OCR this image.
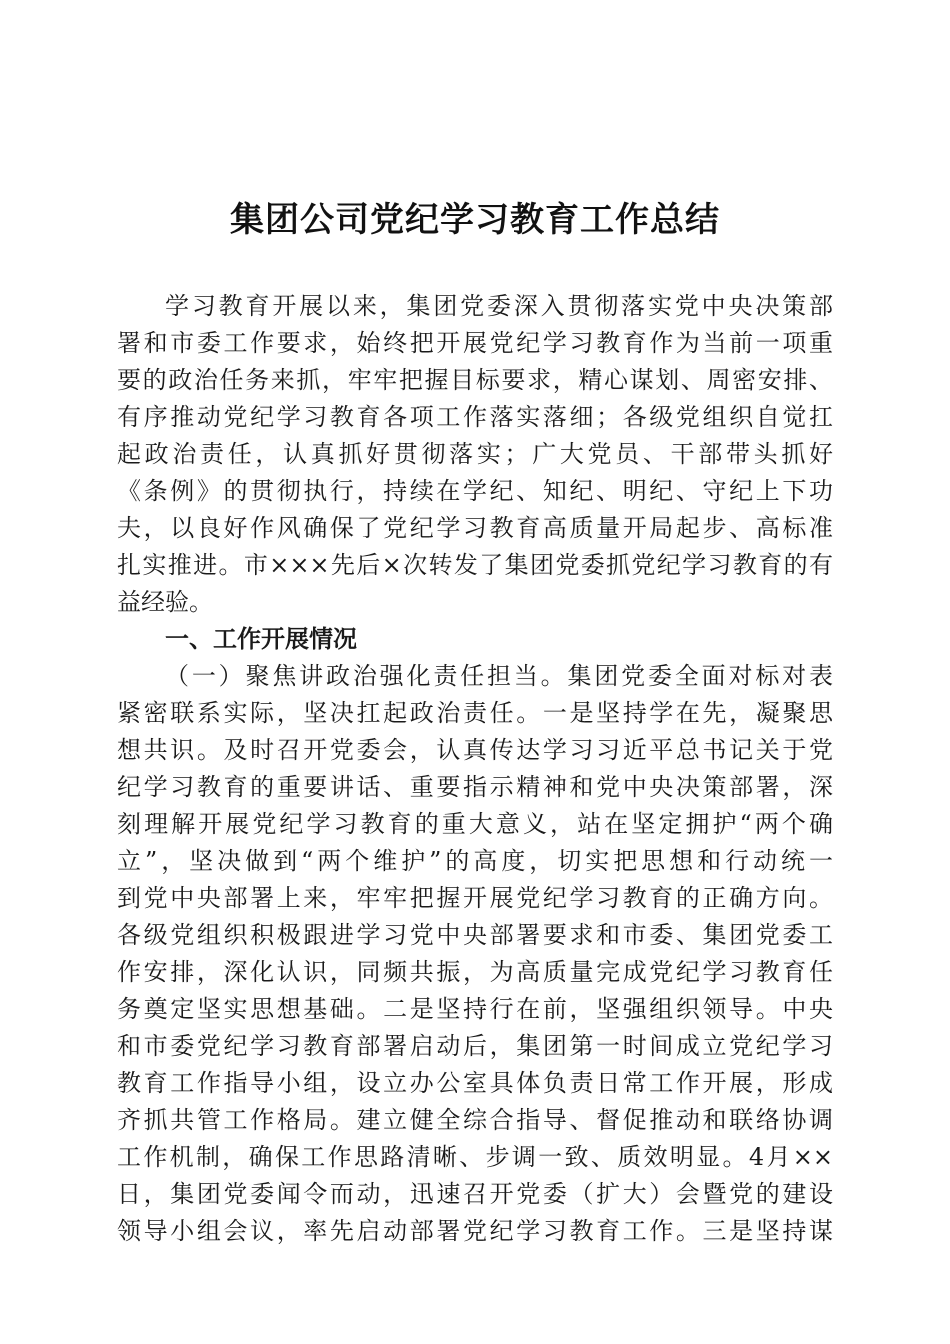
集团公司党纪学习教育工作总结
学习教育开展以来，集团党委深入贯彻落实党中央决策部
署和市委工作要求，始终把开展党纪学习教育作为当前一项重
要的政治任务来抓，牢牢把握目标要求，精心谋划、周密安排、
有序推动党纪学习教育各项工作落实落细；各级党组织自觉扛
起政治责任，认真抓好贯彻落实；广大党员、干部带头抓好
《条例》的贯彻执行，持续在学纪、知纪、明纪、守纪上下功
夫，以良好作风确保了党纪学习教育高质量开局起步、高标准
扎实推进。市×××先后×次转发了集团党委抓党纪学习教育的有
益经验。
一、工作开展情况
（一）聚焦讲政治强化责任担当。集团党委全面对标对表
紧密联系实际，坚决扛起政治责任。一是坚持学在先，凝聚思
想共识。及时召开党委会，认真传达学习习近平总书记关于党
纪学习教育的重要讲话、重要指示精神和党中央决策部署，深
刻理解开展党纪学习教育的重大意义，站在坚定拥护“两个确
立”，坚决做到“两个维护”的高度，切实把思想和行动统一
到党中央部署上来，牢牢把握开展党纪学习教育的正确方向。
各级党组织积极跟进学习党中央部署要求和市委、集团党委工
作安排，深化认识，同频共振，为高质量完成党纪学习教育任
务奠定坚实思想基础。二是坚持行在前，坚强组织领导。中央
和市委党纪学习教育部署启动后，集团第一时间成立党纪学习
教育工作指导小组，设立办公室具体负责日常工作开展，形成
齐抓共管工作格局。建立健全综合指导、督促推动和联络协调
工作机制，确保工作思路清晰、步调一致、质效明显。4月××
日，集团党委闻令而动，迅速召开党委（扩大）会暨党的建设
领导小组会议，率先启动部署党纪学习教育工作。三是坚持谋
